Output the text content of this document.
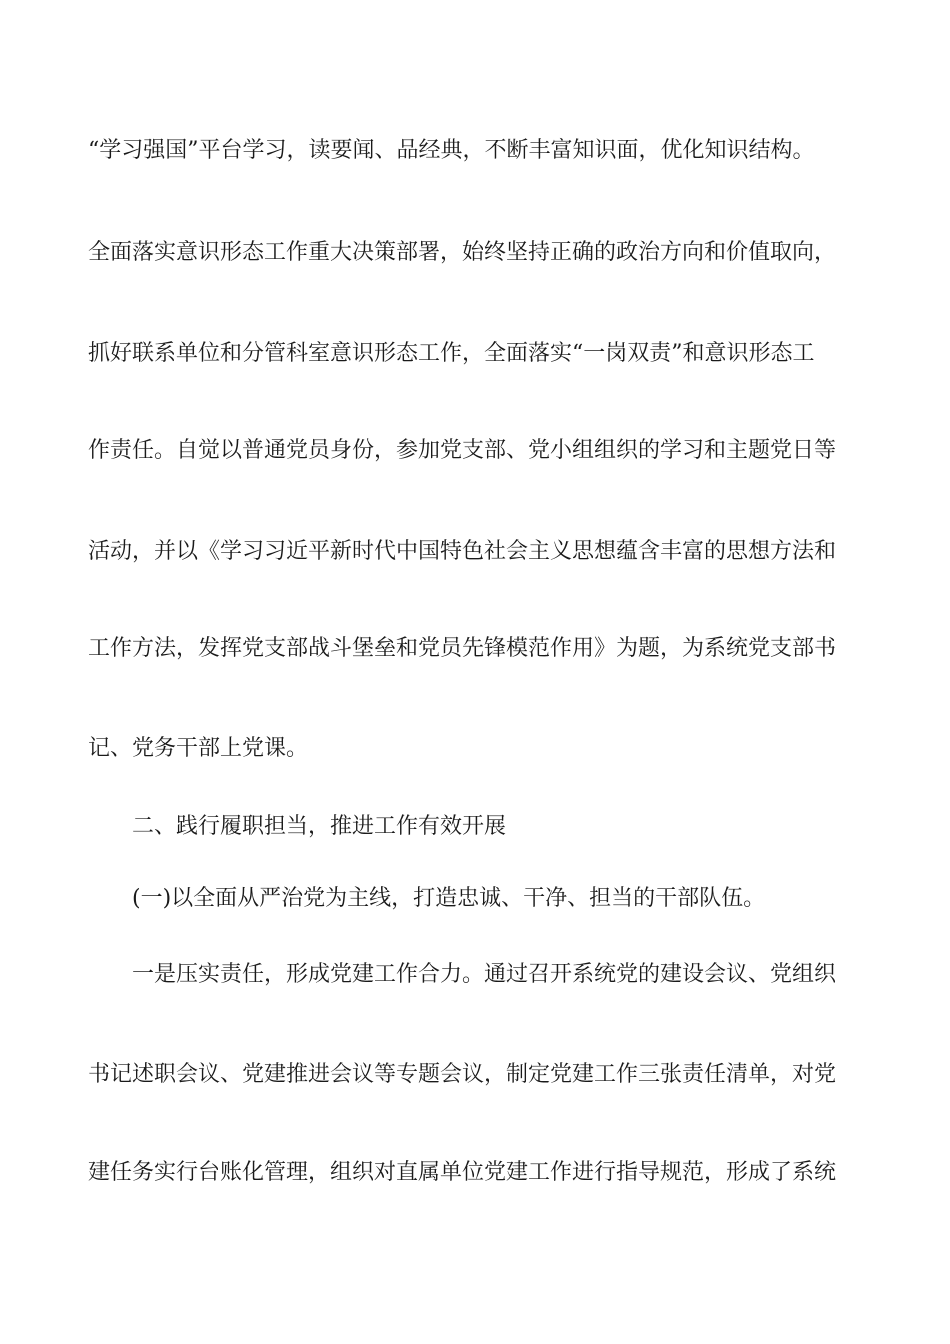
“学习强国”平台学习，读要闻、品经典，不断丰富知识面，优化知识结构。
全面落实意识形态工作重大决策部署，始终坚持正确的政治方向和价值取向，
抓好联系单位和分管科室意识形态工作，全面落实“一岗双责”和意识形态工
作责任。自觉以普通党员身份，参加党支部、党小组组织的学习和主题党日等
活动，并以《学习习近平新时代中国特色社会主义思想蕴含丰富的思想方法和
工作方法，发挥党支部战斗堡垒和党员先锋模范作用》为题，为系统党支部书
记、党务干部上党课。
二、践行履职担当，推进工作有效开展
(一)以全面从严治党为主线，打造忠诚、干净、担当的干部队伍。
一是压实责任，形成党建工作合力。通过召开系统党的建设会议、党组织
书记述职会议、党建推进会议等专题会议，制定党建工作三张责任清单，对党
建任务实行台账化管理，组织对直属单位党建工作进行指导规范，形成了系统
